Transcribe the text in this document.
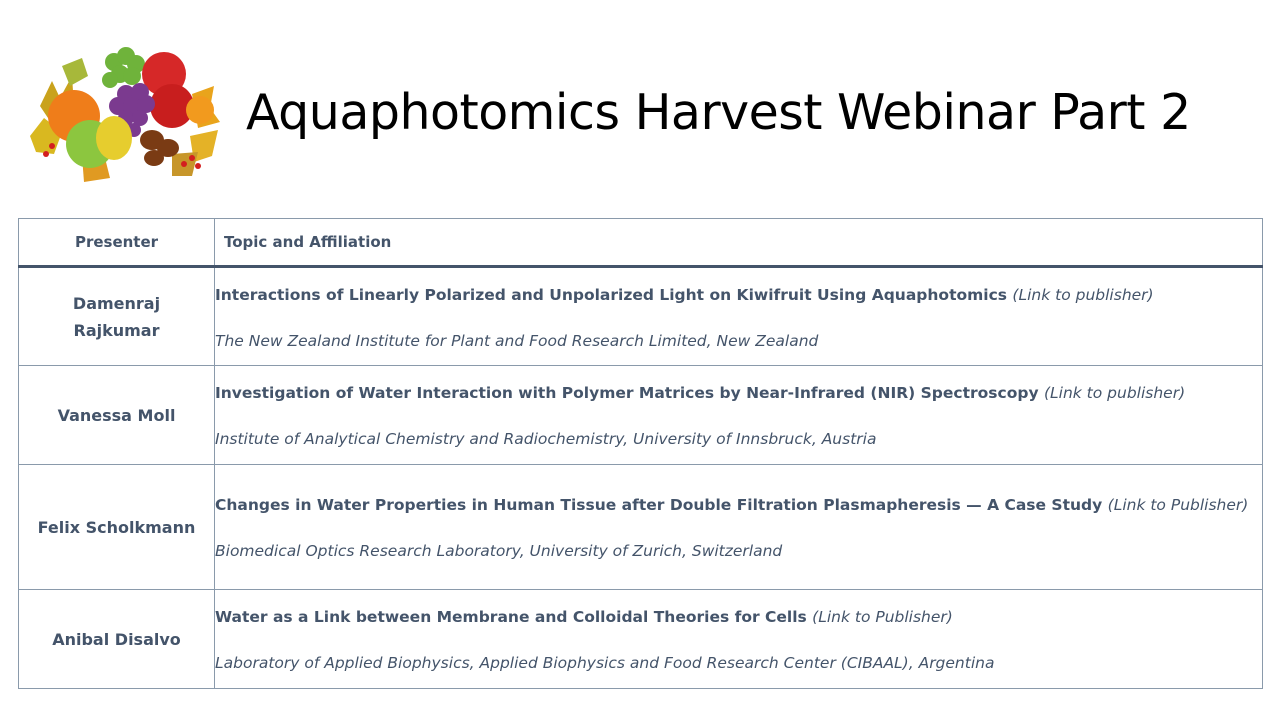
Aquaphotomics Harvest Webinar Part 2
Presenter	Topic and Affiliation
Damenraj Rajkumar	Interactions of Linearly Polarized and Unpolarized Light on Kiwifruit Using Aquaphotomics (Link to publisher)
The New Zealand Institute for Plant and Food Research Limited, New Zealand

Vanessa Moll	Investigation of Water Interaction with Polymer Matrices by Near-Infrared (NIR) Spectroscopy (Link to publisher)
Institute of Analytical Chemistry and Radiochemistry, University of Innsbruck, Austria

Felix Scholkmann	Changes in Water Properties in Human Tissue after Double Filtration Plasmapheresis — A Case Study (Link to Publisher)
Biomedical Optics Research Laboratory, University of Zurich, Switzerland

Anibal Disalvo	Water as a Link between Membrane and Colloidal Theories for Cells (Link to Publisher)
Laboratory of Applied Biophysics, Applied Biophysics and Food Research Center (CIBAAL), Argentina
